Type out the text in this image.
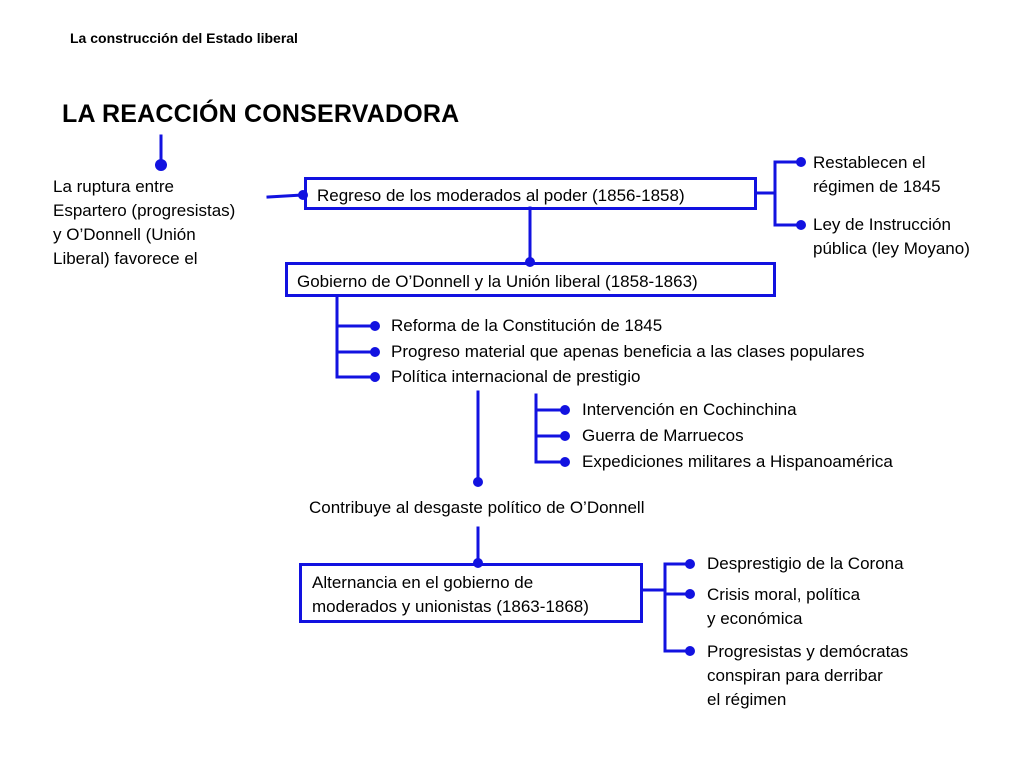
La construcción del Estado liberal

LA REACCIÓN CONSERVADORA

La ruptura entre

Espartero (progresistas)

y O’Donnell (Unión

Liberal) favorece el

Regreso de los moderados al poder (1856-1858)

Restablecen el

régimen de 1845

Ley de Instrucción

pública (ley Moyano)

Gobierno de O’Donnell y la Unión liberal (1858-1863)

Reforma de la Constitución de 1845

Progreso material que apenas beneficia a las clases populares

Política internacional de prestigio

Intervención en Cochinchina

Guerra de Marruecos

Expediciones militares a Hispanoamérica

Contribuye al desgaste político de O’Donnell

Alternancia en el gobierno de

moderados y unionistas (1863-1868)

Desprestigio de la Corona

Crisis moral, política

y económica

Progresistas y demócratas

conspiran para derribar

el régimen
